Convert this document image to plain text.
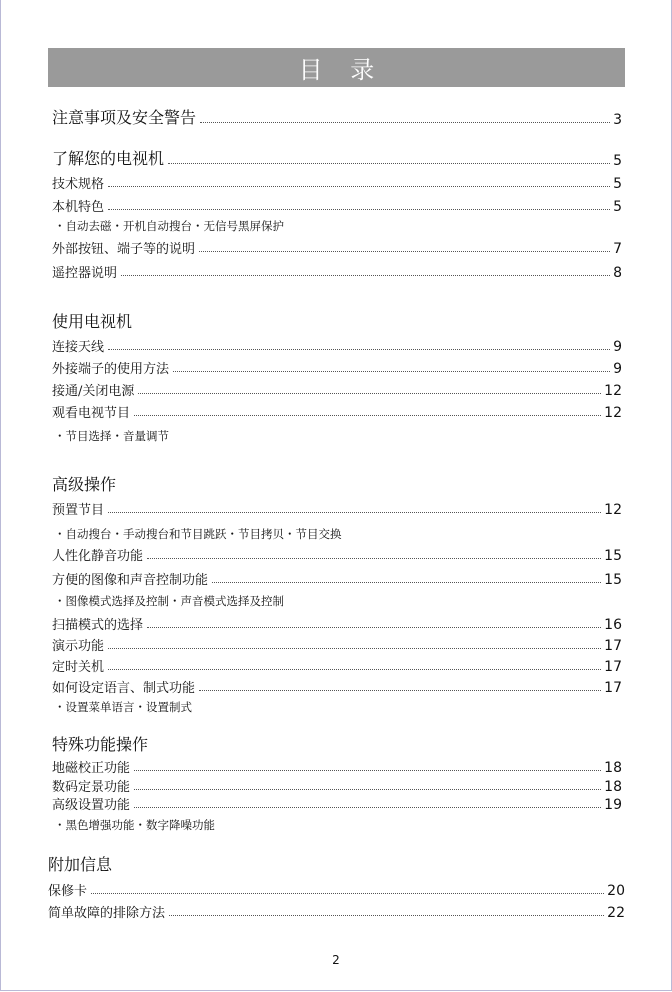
目 录
注意事项及安全警告	3
了解您的电视机	5
技术规格	5
本机特色	5
・自动去磁・开机自动搜台・无信号黑屏保护
外部按钮、端子等的说明	7
遥控器说明	8
使用电视机
连接天线	9
外接端子的使用方法	9
接通/关闭电源	12
观看电视节目	12
・节目选择・音量调节
高级操作
预置节目	12
・自动搜台・手动搜台和节目跳跃・节目拷贝・节目交换
人性化静音功能	15
方便的图像和声音控制功能	15
・图像模式选择及控制・声音模式选择及控制
扫描模式的选择	16
演示功能	17
定时关机	17
如何设定语言、制式功能	17
・设置菜单语言・设置制式
特殊功能操作
地磁校正功能	18
数码定景功能	18
高级设置功能	19
・黑色增强功能・数字降噪功能
附加信息
保修卡	20
简单故障的排除方法	22
2
